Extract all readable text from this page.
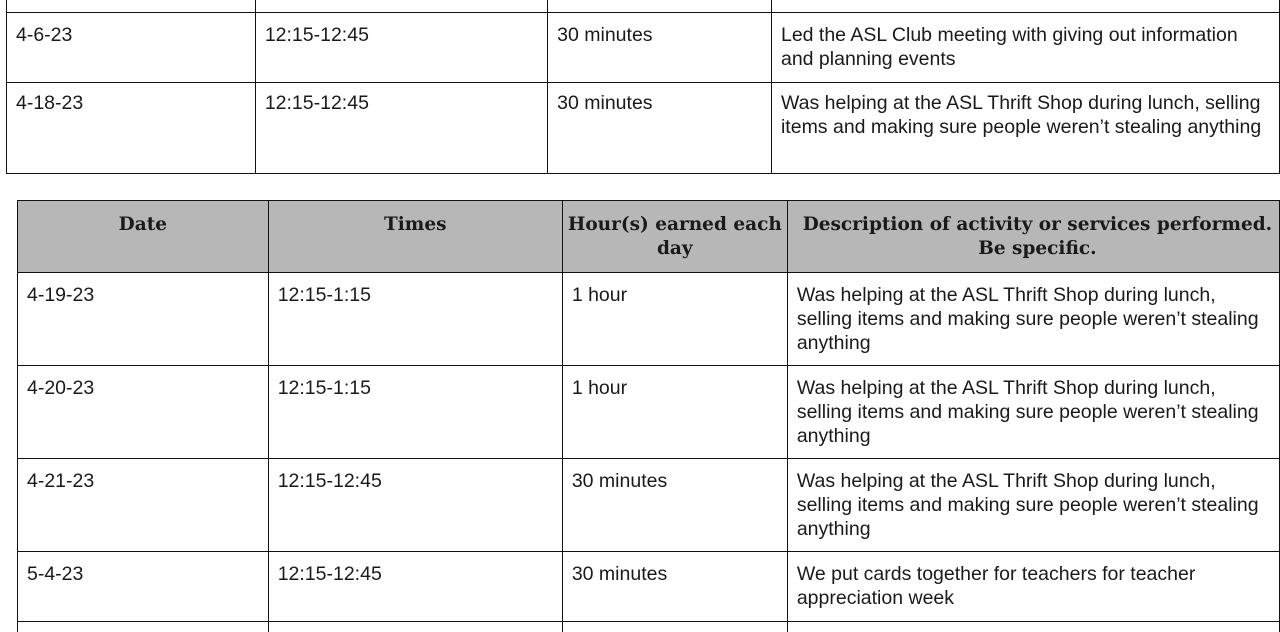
4-6-23	12:15-12:45	30 minutes	Led the ASL Club meeting with giving out information and planning events

4-18-23	12:15-12:45	30 minutes	Was helping at the ASL Thrift Shop during lunch, selling items and making sure people weren’t stealing anything
Date	Times	Hour(s) earned each day	Description of activity or services performed. Be specific.

4-19-23	12:15-1:15	1 hour	Was helping at the ASL Thrift Shop during lunch, selling items and making sure people weren’t stealing anything

4-20-23	12:15-1:15	1 hour	Was helping at the ASL Thrift Shop during lunch, selling items and making sure people weren’t stealing anything

4-21-23	12:15-12:45	30 minutes	Was helping at the ASL Thrift Shop during lunch, selling items and making sure people weren’t stealing anything

5-4-23	12:15-12:45	30 minutes	We put cards together for teachers for teacher appreciation week
